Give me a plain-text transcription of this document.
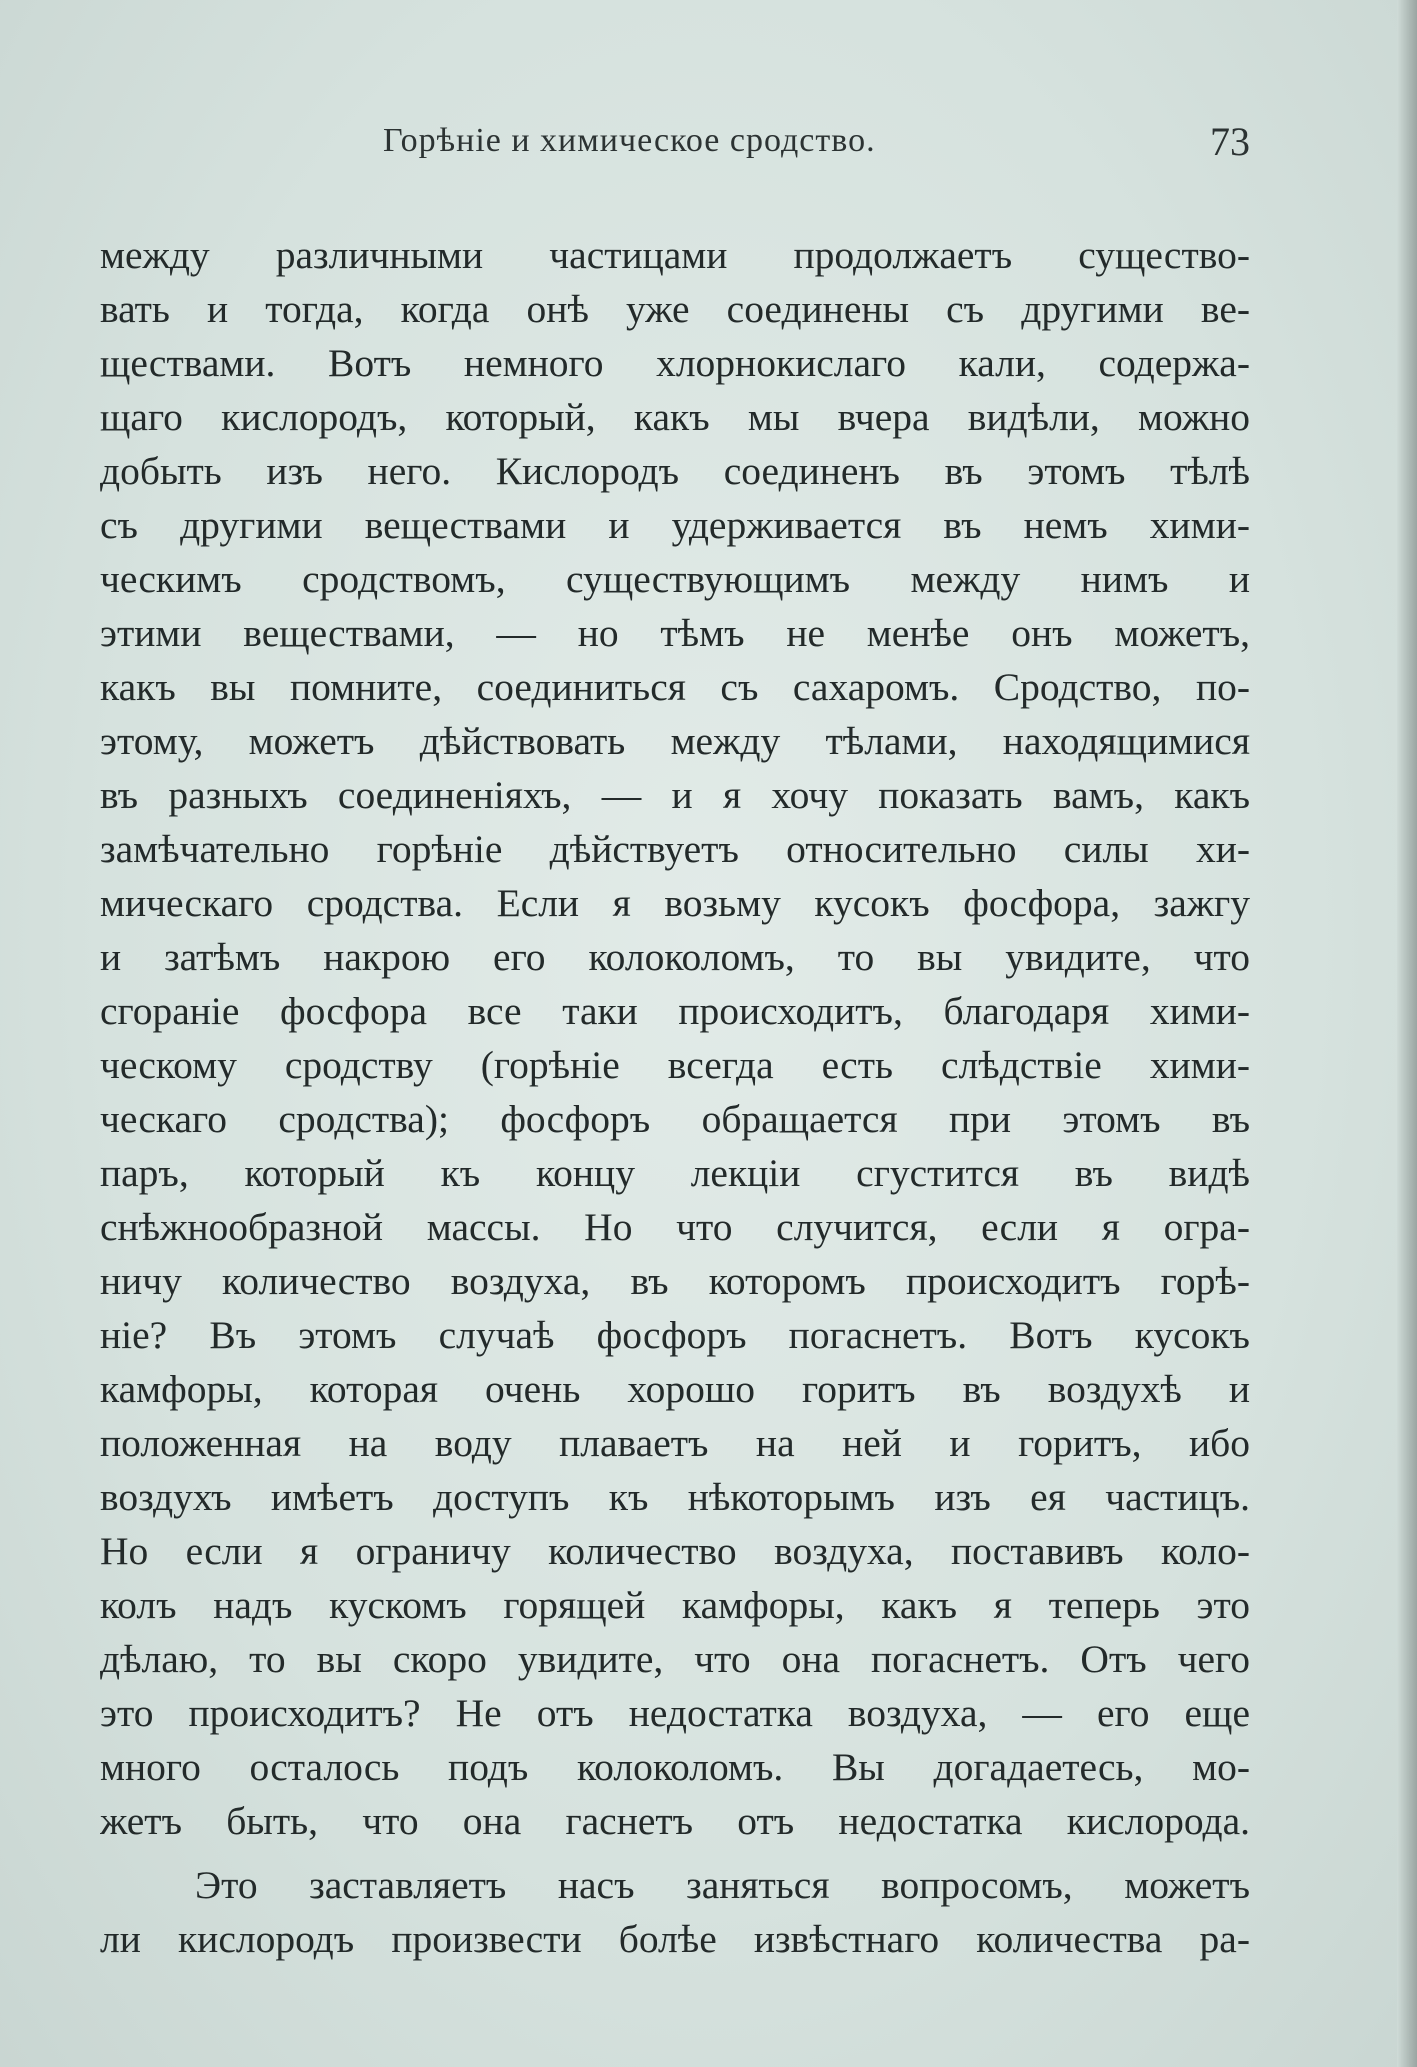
Горѣніе и химическое сродство.	73
между различными частицами продолжаетъ существо-
вать и тогда, когда онѣ уже соединены съ другими ве-
ществами. Вотъ немного хлорнокислаго кали, содержа-
щаго кислородъ, который, какъ мы вчера видѣли, можно
добыть изъ него. Кислородъ соединенъ въ этомъ тѣлѣ
съ другими веществами и удерживается въ немъ хими-
ческимъ сродствомъ, существующимъ между нимъ и
этими веществами, — но тѣмъ не менѣе онъ можетъ,
какъ вы помните, соединиться съ сахаромъ. Сродство, по-
этому, можетъ дѣйствовать между тѣлами, находящимися
въ разныхъ соединеніяхъ, — и я хочу показать вамъ, какъ
замѣчательно горѣніе дѣйствуетъ относительно силы хи-
мическаго сродства. Если я возьму кусокъ фосфора, зажгу
и затѣмъ накрою его колоколомъ, то вы увидите, что
сгораніе фосфора все таки происходитъ, благодаря хими-
ческому сродству (горѣніе всегда есть слѣдствіе хими-
ческаго сродства); фосфоръ обращается при этомъ въ
паръ, который къ концу лекціи сгустится въ видѣ
снѣжнообразной массы. Но что случится, если я огра-
ничу количество воздуха, въ которомъ происходитъ горѣ-
ніе? Въ этомъ случаѣ фосфоръ погаснетъ. Вотъ кусокъ
камфоры, которая очень хорошо горитъ въ воздухѣ и
положенная на воду плаваетъ на ней и горитъ, ибо
воздухъ имѣетъ доступъ къ нѣкоторымъ изъ ея частицъ.
Но если я ограничу количество воздуха, поставивъ коло-
колъ надъ кускомъ горящей камфоры, какъ я теперь это
дѣлаю, то вы скоро увидите, что она погаснетъ. Отъ чего
это происходитъ? Не отъ недостатка воздуха, — его еще
много осталось подъ колоколомъ. Вы догадаетесь, мо-
жетъ быть, что она гаснетъ отъ недостатка кислорода.
Это заставляетъ насъ заняться вопросомъ, можетъ
ли кислородъ произвести болѣе извѣстнаго количества ра-
